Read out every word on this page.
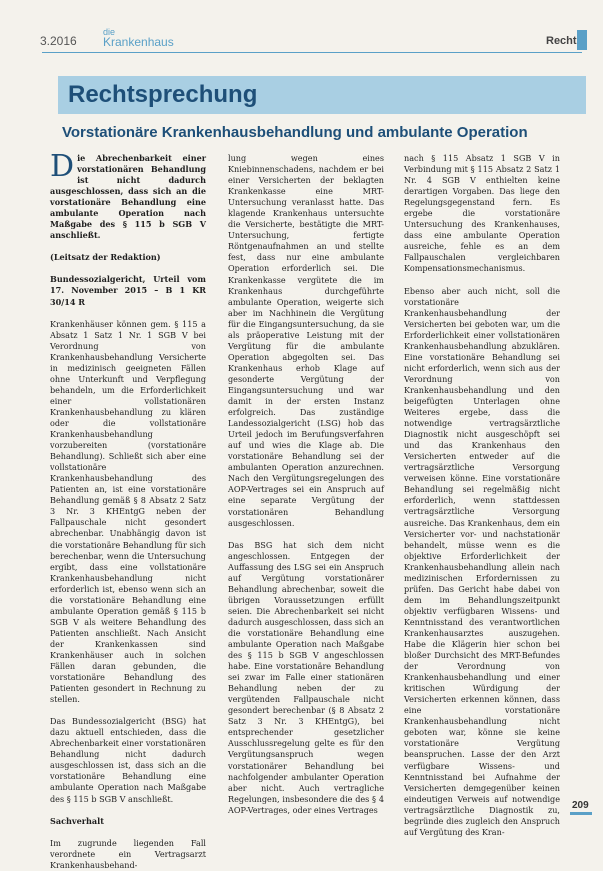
3.2016
die
Krankenhaus	Recht
Rechtsprechung
Vorstationäre Krankenhausbehandlung und ambulante Operation

Die Abrechenbarkeit einer vorstationären Behandlung ist nicht dadurch ausgeschlossen, dass sich an die vorstationäre Behandlung eine ambulante Operation nach Maßgabe des § 115 b SGB V anschließt.

(Leitsatz der Redaktion)

Bundessozialgericht, Urteil vom 17. November 2015 – B 1 KR 30/14 R

Krankenhäuser können gem. § 115 a Absatz 1 Satz 1 Nr. 1 SGB V bei Verordnung von Krankenhausbehandlung Versicherte in medizinisch geeigneten Fällen ohne Unterkunft und Verpflegung behandeln, um die Erforderlichkeit einer vollstationären Krankenhausbehandlung zu klären oder die vollstationäre Krankenhausbehandlung vorzubereiten (vorstationäre Behandlung). Schließt sich aber eine vollstationäre Krankenhausbehandlung des Patienten an, ist eine vorstationäre Behandlung gemäß § 8 Absatz 2 Satz 3 Nr. 3 KHEntgG neben der Fallpauschale nicht gesondert abrechenbar. Unabhängig davon ist die vorstationäre Behandlung für sich berechenbar, wenn die Untersuchung ergibt, dass eine vollstationäre Krankenhausbehandlung nicht erforderlich ist, ebenso wenn sich an die vorstationäre Behandlung eine ambulante Operation gemäß § 115 b SGB V als weitere Behandlung des Patienten anschließt. Nach Ansicht der Krankenkassen sind Krankenhäuser auch in solchen Fällen daran gebunden, die vorstationäre Behandlung des Patienten gesondert in Rechnung zu stellen.

Das Bundessozialgericht (BSG) hat dazu aktuell entschieden, dass die Abrechenbarkeit einer vorstationären Behandlung nicht dadurch ausgeschlossen ist, dass sich an die vorstationäre Behandlung eine ambulante Operation nach Maßgabe des § 115 b SGB V anschließt.

Sachverhalt

Im zugrunde liegenden Fall verordnete ein Vertragsarzt Krankenhausbehand-

lung wegen eines Kniebinnenschadens, nachdem er bei einer Versicherten der beklagten Krankenkasse eine MRT-Untersuchung veranlasst hatte. Das klagende Krankenhaus untersuchte die Versicherte, bestätigte die MRT-Untersuchung, fertigte Röntgenaufnahmen an und stellte fest, dass nur eine ambulante Operation erforderlich sei. Die Krankenkasse vergütete die im Krankenhaus durchgeführte ambulante Operation, weigerte sich aber im Nachhinein die Vergütung für die Eingangsuntersuchung, da sie als präoperative Leistung mit der Vergütung für die ambulante Operation abgegolten sei. Das Krankenhaus erhob Klage auf gesonderte Vergütung der Eingangsuntersuchung und war damit in der ersten Instanz erfolgreich. Das zuständige Landessozialgericht (LSG) hob das Urteil jedoch im Berufungsverfahren auf und wies die Klage ab. Die vorstationäre Behandlung sei der ambulanten Operation anzurechnen. Nach den Vergütungsregelungen des AOP-Vertrages sei ein Anspruch auf eine separate Vergütung der vorstationären Behandlung ausgeschlossen.

Das BSG hat sich dem nicht angeschlossen. Entgegen der Auffassung des LSG sei ein Anspruch auf Vergütung vorstationärer Behandlung abrechenbar, soweit die übrigen Voraussetzungen erfüllt seien. Die Abrechenbarkeit sei nicht dadurch ausgeschlossen, dass sich an die vorstationäre Behandlung eine ambulante Operation nach Maßgabe des § 115 b SGB V angeschlossen habe. Eine vorstationäre Behandlung sei zwar im Falle einer stationären Behandlung neben der zu vergütenden Fallpauschale nicht gesondert berechenbar (§ 8 Absatz 2 Satz 3 Nr. 3 KHEntgG), bei entsprechender gesetzlicher Ausschlussregelung gelte es für den Vergütungsanspruch wegen vorstationärer Behandlung bei nachfolgender ambulanter Operation aber nicht. Auch vertragliche Regelungen, insbesondere die des § 4 AOP-Vertrages, oder eines Vertrages

nach § 115 Absatz 1 SGB V in Verbindung mit § 115 Absatz 2 Satz 1 Nr. 4 SGB V enthielten keine derartigen Vorgaben. Das liege den Regelungsgegenstand fern. Es ergebe die vorstationäre Untersuchung des Krankenhauses, dass eine ambulante Operation ausreiche, fehle es an dem Fallpauschalen vergleichbaren Kompensationsmechanismus.

Ebenso aber auch nicht, soll die vorstationäre Krankenhausbehandlung der Versicherten bei geboten war, um die Erforderlichkeit einer vollstationären Krankenhausbehandlung abzuklären. Eine vorstationäre Behandlung sei nicht erforderlich, wenn sich aus der Verordnung von Krankenhausbehandlung und den beigefügten Unterlagen ohne Weiteres ergebe, dass die notwendige vertragsärztliche Diagnostik nicht ausgeschöpft sei und das Krankenhaus den Versicherten entweder auf die vertragsärztliche Versorgung verweisen könne. Eine vorstationäre Behandlung sei regelmäßig nicht erforderlich, wenn stattdessen vertragsärztliche Versorgung ausreiche. Das Krankenhaus, dem ein Versicherter vor- und nachstationär behandelt, müsse wenn es die objektive Erforderlichkeit der Krankenhausbehandlung allein nach medizinischen Erfordernissen zu prüfen. Das Gericht habe dabei von dem im Behandlungszeitpunkt objektiv verfügbaren Wissens- und Kenntnisstand des verantwortlichen Krankenhausarztes auszugehen. Habe die Klägerin hier schon bei bloßer Durchsicht des MRT-Befundes der Verordnung von Krankenhausbehandlung und einer kritischen Würdigung der Versicherten erkennen können, dass eine vorstationäre Krankenhausbehandlung nicht geboten war, könne sie keine vorstationäre Vergütung beanspruchen. Lasse der den Arzt verfügbare Wissens- und Kenntnisstand bei Aufnahme der Versicherten demgegenüber keinen eindeutigen Verweis auf notwendige vertragsärztliche Diagnostik zu, begründe dies zugleich den Anspruch auf Vergütung des Kran-

209
